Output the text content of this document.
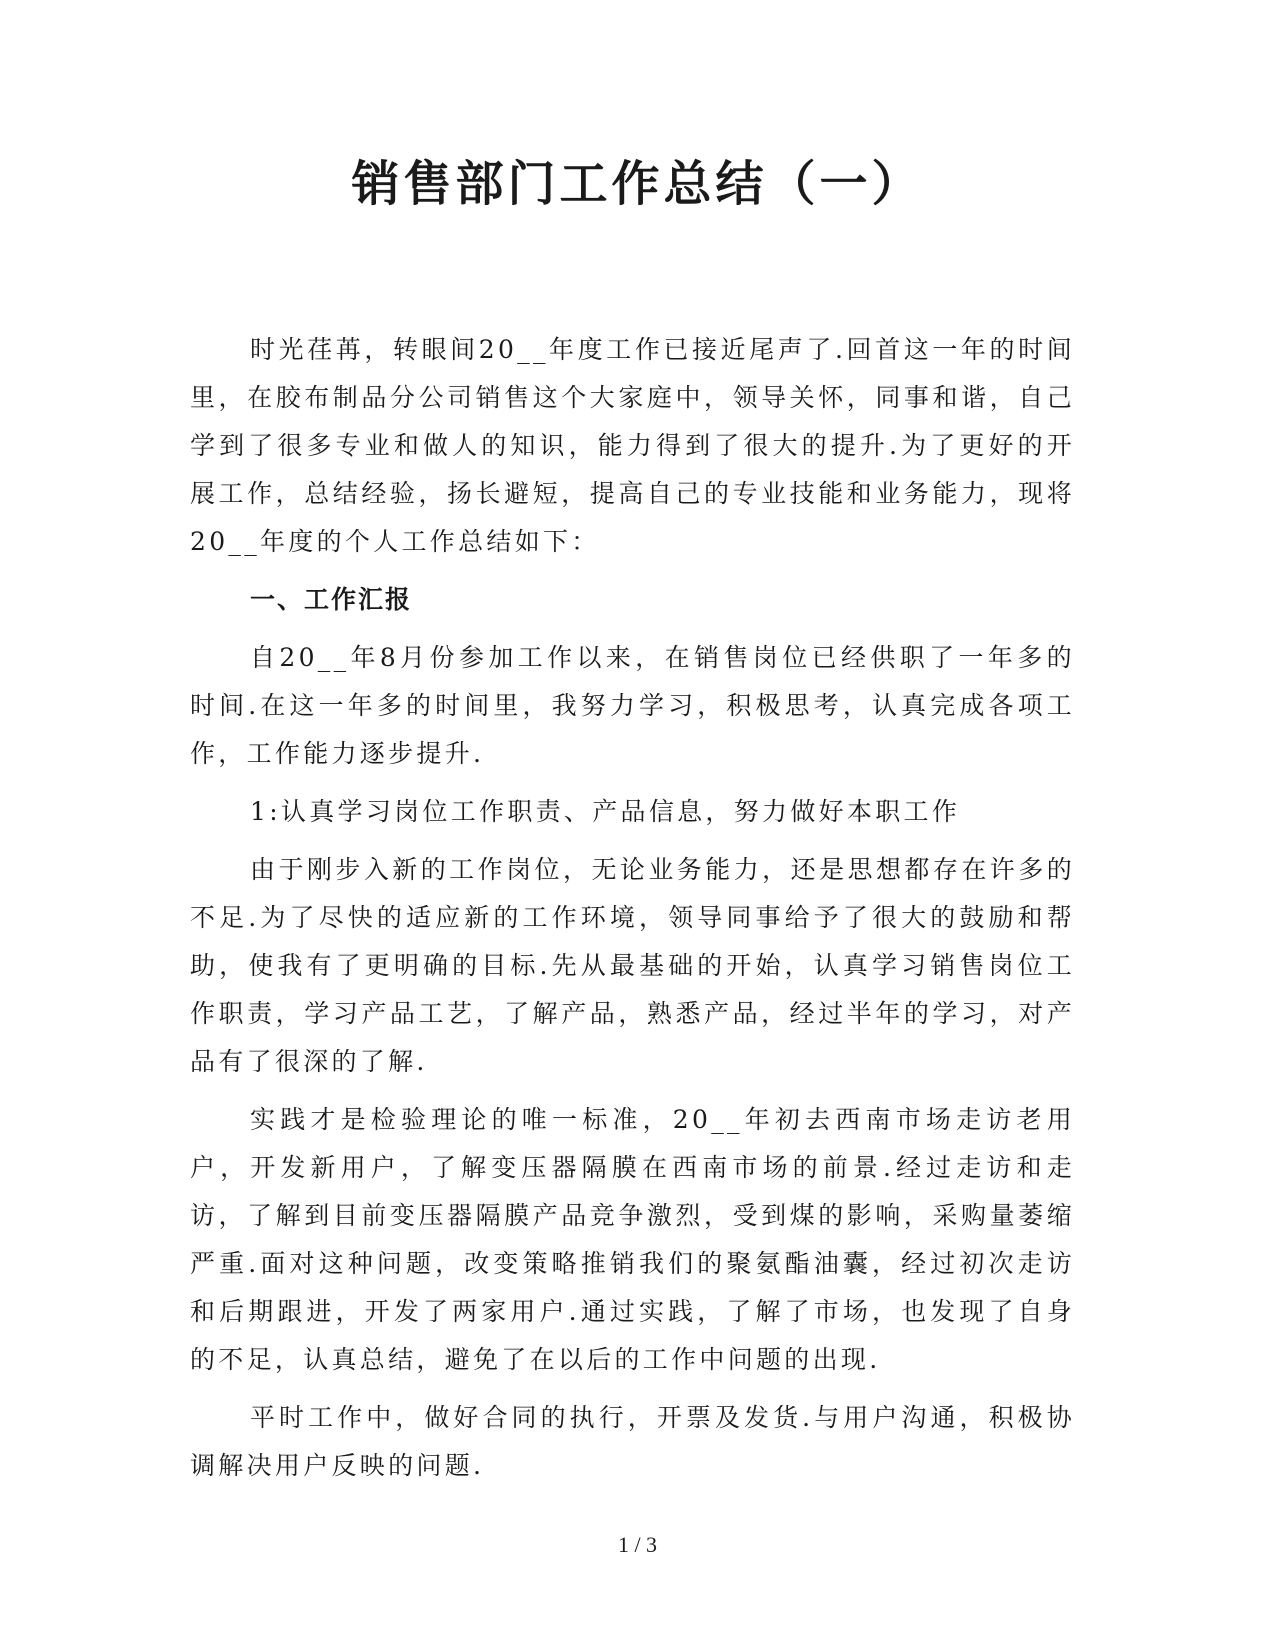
销售部门工作总结（一）

时光荏苒，转眼间20__年度工作已接近尾声了.回首这一年的时间里，在胶布制品分公司销售这个大家庭中，领导关怀，同事和谐，自己学到了很多专业和做人的知识，能力得到了很大的提升.为了更好的开展工作，总结经验，扬长避短，提高自己的专业技能和业务能力，现将20__年度的个人工作总结如下：

一、工作汇报

自20__年8月份参加工作以来，在销售岗位已经供职了一年多的时间.在这一年多的时间里，我努力学习，积极思考，认真完成各项工作，工作能力逐步提升.

1:认真学习岗位工作职责、产品信息，努力做好本职工作

由于刚步入新的工作岗位，无论业务能力，还是思想都存在许多的不足.为了尽快的适应新的工作环境，领导同事给予了很大的鼓励和帮助，使我有了更明确的目标.先从最基础的开始，认真学习销售岗位工作职责，学习产品工艺，了解产品，熟悉产品，经过半年的学习，对产品有了很深的了解.

实践才是检验理论的唯一标准，20__年初去西南市场走访老用户，开发新用户，了解变压器隔膜在西南市场的前景.经过走访和走访，了解到目前变压器隔膜产品竞争激烈，受到煤的影响，采购量萎缩严重.面对这种问题，改变策略推销我们的聚氨酯油囊，经过初次走访和后期跟进，开发了两家用户.通过实践，了解了市场，也发现了自身的不足，认真总结，避免了在以后的工作中问题的出现.

平时工作中，做好合同的执行，开票及发货.与用户沟通，积极协调解决用户反映的问题.

1 / 3
